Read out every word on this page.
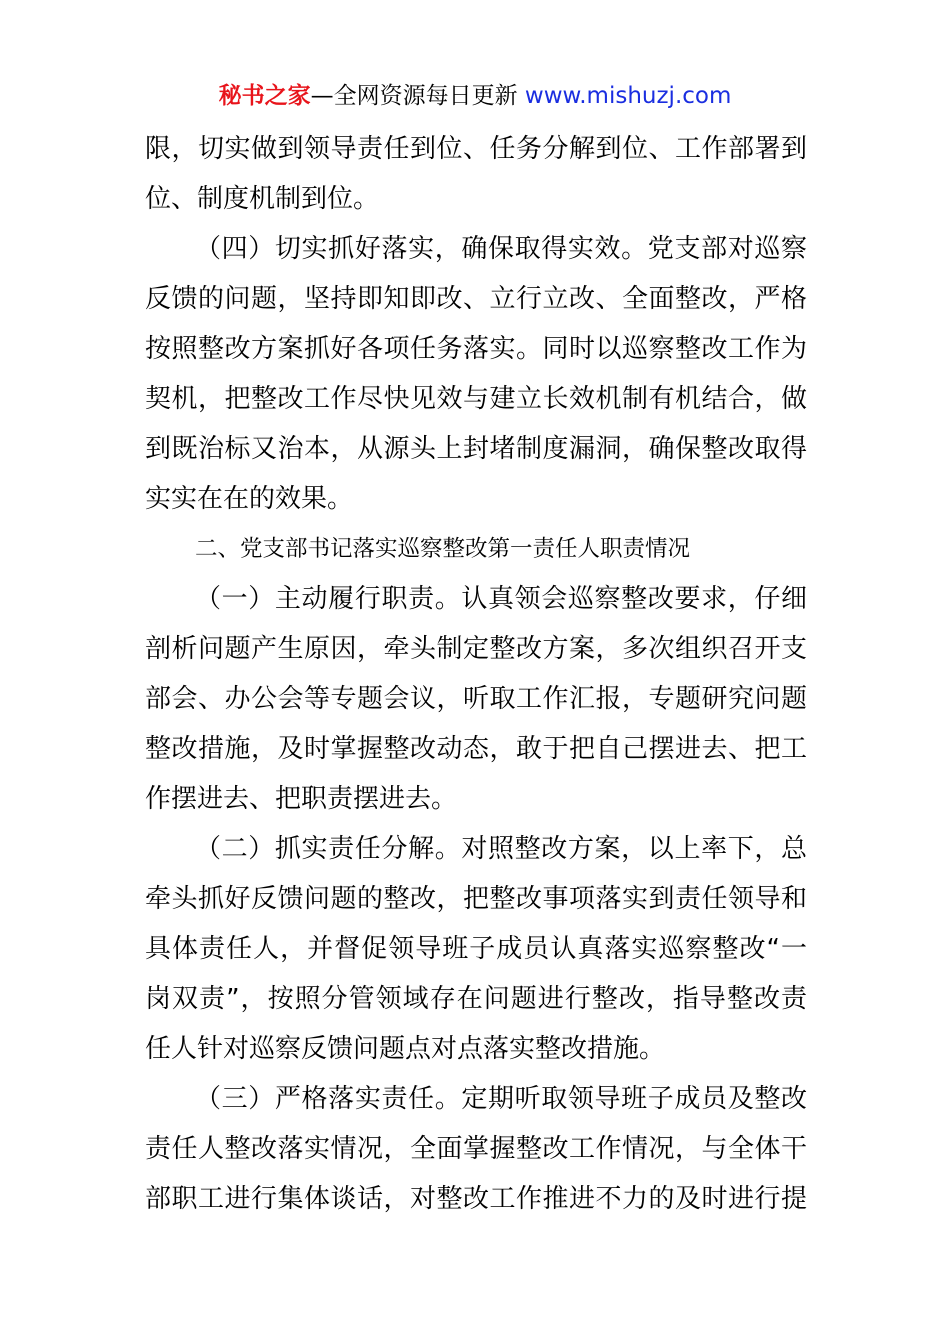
秘书之家—全网资源每日更新 www.mishuzj.com
限，切实做到领导责任到位、任务分解到位、工作部署到
位、制度机制到位。
（四）切实抓好落实，确保取得实效。党支部对巡察
反馈的问题，坚持即知即改、立行立改、全面整改，严格
按照整改方案抓好各项任务落实。同时以巡察整改工作为
契机，把整改工作尽快见效与建立长效机制有机结合，做
到既治标又治本，从源头上封堵制度漏洞，确保整改取得
实实在在的效果。
二、党支部书记落实巡察整改第一责任人职责情况
（一）主动履行职责。认真领会巡察整改要求，仔细
剖析问题产生原因，牵头制定整改方案，多次组织召开支
部会、办公会等专题会议，听取工作汇报，专题研究问题
整改措施，及时掌握整改动态，敢于把自己摆进去、把工
作摆进去、把职责摆进去。
（二）抓实责任分解。对照整改方案，以上率下，总
牵头抓好反馈问题的整改，把整改事项落实到责任领导和
具体责任人，并督促领导班子成员认真落实巡察整改“一
岗双责”，按照分管领域存在问题进行整改，指导整改责
任人针对巡察反馈问题点对点落实整改措施。
（三）严格落实责任。定期听取领导班子成员及整改
责任人整改落实情况，全面掌握整改工作情况，与全体干
部职工进行集体谈话，对整改工作推进不力的及时进行提
